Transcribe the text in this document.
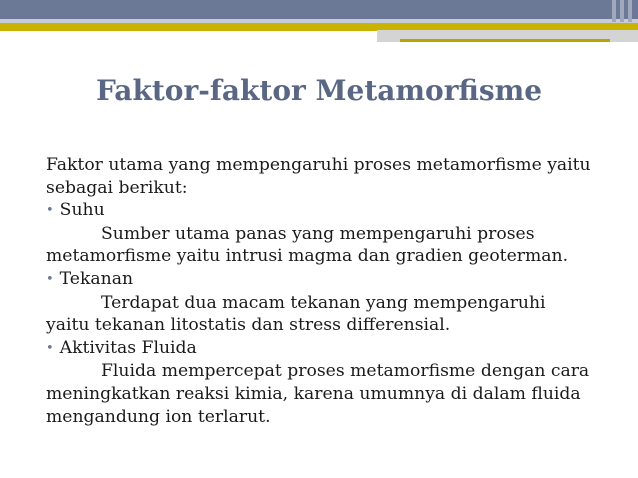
Faktor-faktor Metamorfisme

Faktor utama yang mempengaruhi proses metamorfisme yaitu

sebagai berikut:

• Suhu

Sumber utama panas yang mempengaruhi proses

metamorfisme yaitu intrusi magma dan gradien geoterman.

• Tekanan

Terdapat dua macam tekanan yang mempengaruhi

yaitu tekanan litostatis dan stress differensial.

• Aktivitas Fluida

Fluida mempercepat proses metamorfisme dengan cara

meningkatkan reaksi kimia, karena umumnya di dalam fluida

mengandung ion terlarut.
